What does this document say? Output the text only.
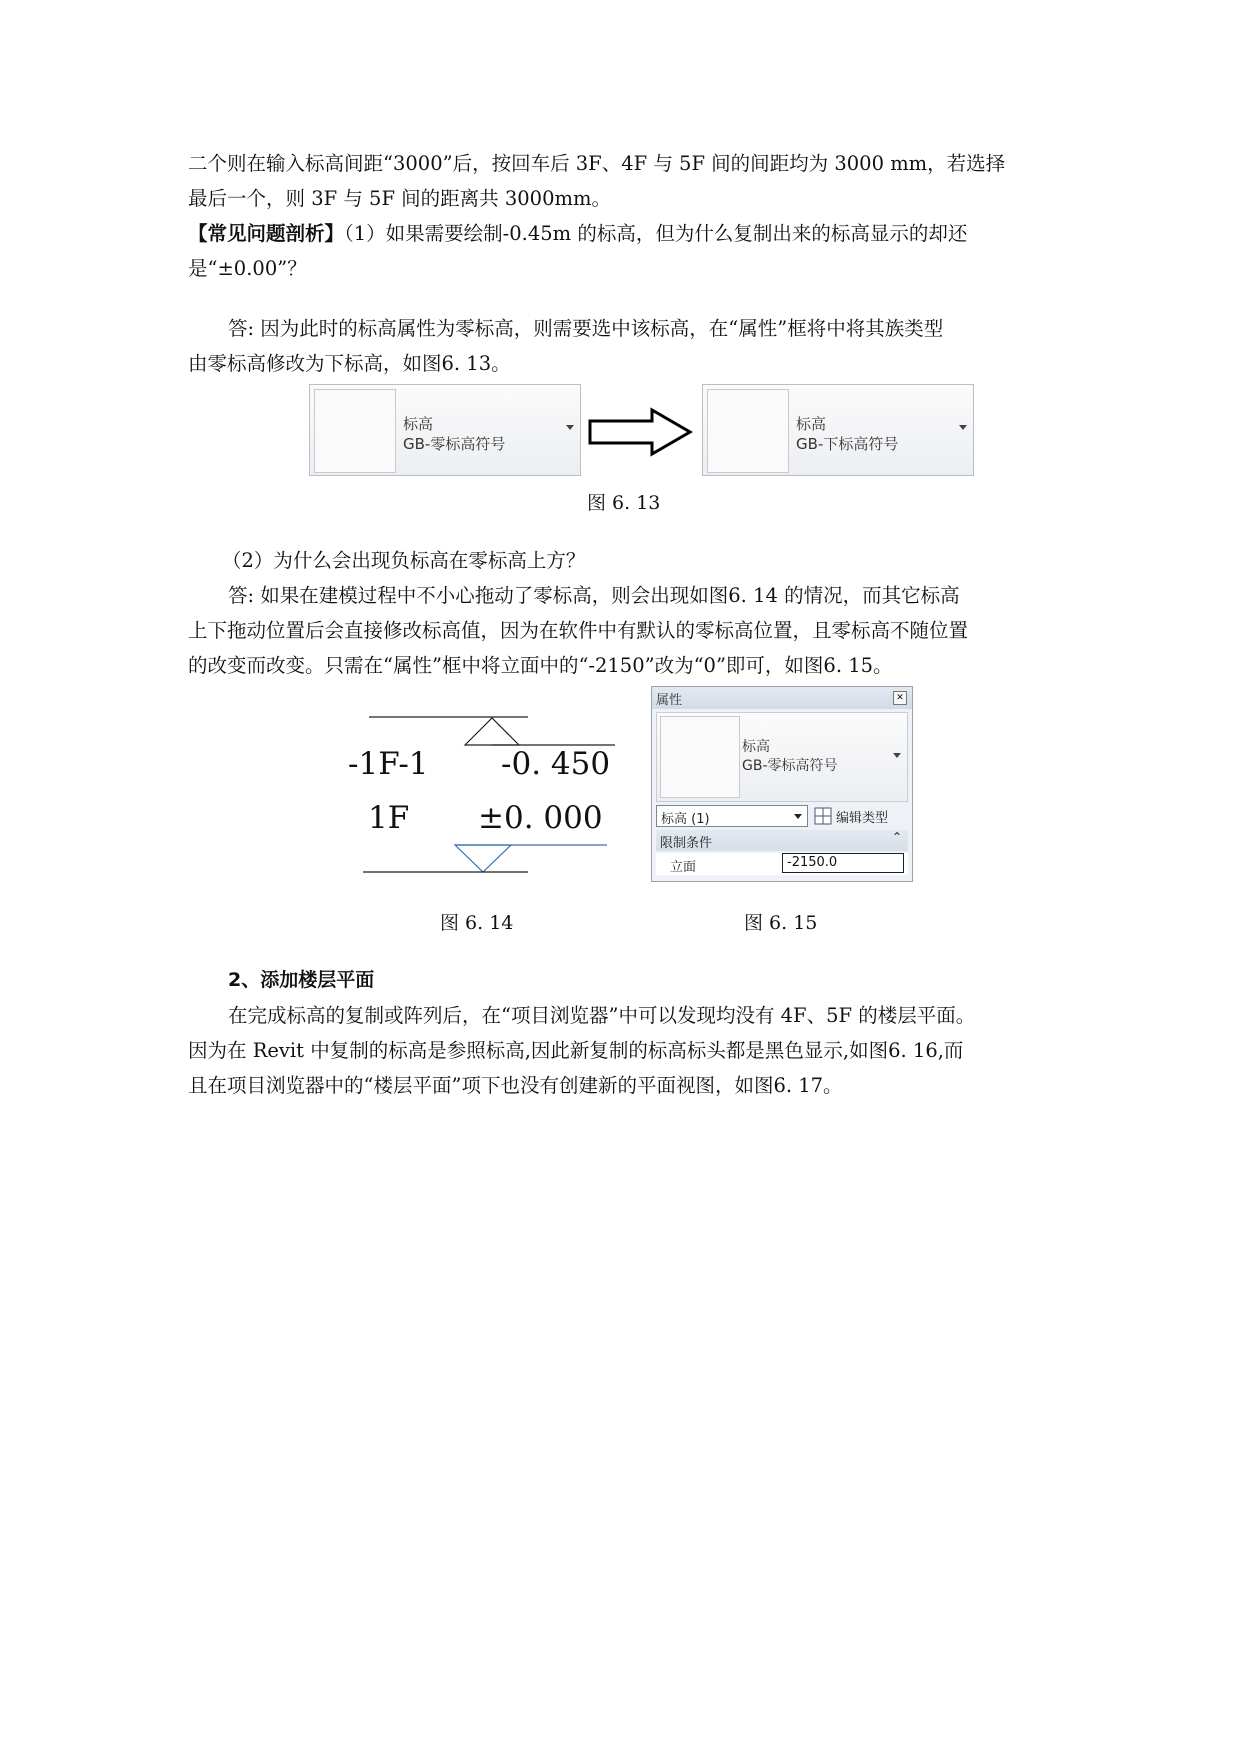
二个则在输入标高间距“3000”后，按回车后 3F、4F 与 5F 间的间距均为 3000 mm，若选择
最后一个，则 3F 与 5F 间的距离共 3000mm。
【常见问题剖析】（1）如果需要绘制-0.45m 的标高，但为什么复制出来的标高显示的却还
是“±0.00”？
答: 因为此时的标高属性为零标高，则需要选中该标高，在“属性”框将中将其族类型
由零标高修改为下标高，如图6. 13。
标高
GB-零标高符号
标高
GB-下标高符号
图 6. 13
（2）为什么会出现负标高在零标高上方？
答: 如果在建模过程中不小心拖动了零标高，则会出现如图6. 14 的情况，而其它标高
上下拖动位置后会直接修改标高值，因为在软件中有默认的零标高位置，且零标高不随位置
的改变而改变。只需在“属性”框中将立面中的“-2150”改为“0”即可，如图6. 15。
-1F-1 -0. 450
1F ±0. 000
属性	✕
标高
GB-零标高符号
标高 (1)	编辑类型
限制条件	⌃
立面	-2150.0
图 6. 14	图 6. 15
2、添加楼层平面
在完成标高的复制或阵列后，在“项目浏览器”中可以发现均没有 4F、5F 的楼层平面。
因为在 Revit 中复制的标高是参照标高,因此新复制的标高标头都是黑色显示,如图6. 16,而
且在项目浏览器中的“楼层平面”项下也没有创建新的平面视图，如图6. 17。
